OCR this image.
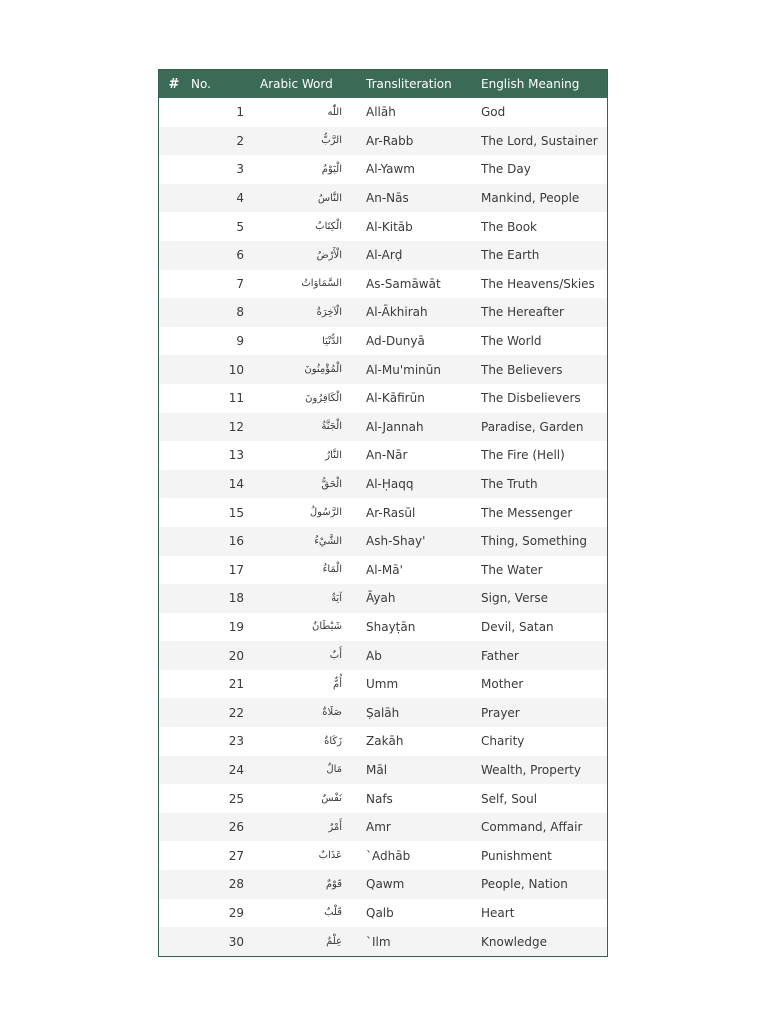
# No.	Arabic Word	Transliteration	English Meaning
1	اللّٰه	Allāh	God
2	الرَّبُّ	Ar-Rabb	The Lord, Sustainer
3	الْيَوْمُ	Al-Yawm	The Day
4	النَّاسُ	An-Nās	Mankind, People
5	الْكِتَابُ	Al-Kitāb	The Book
6	الْأَرْضُ	Al-Arḍ	The Earth
7	السَّمَاوَاتُ	As-Samāwāt	The Heavens/Skies
8	الْآخِرَةُ	Al-Ākhirah	The Hereafter
9	الدُّنْيَا	Ad-Dunyā	The World
10	الْمُؤْمِنُونَ	Al-Mu'minūn	The Believers
11	الْكَافِرُونَ	Al-Kāfirūn	The Disbelievers
12	الْجَنَّةُ	Al-Jannah	Paradise, Garden
13	النَّارُ	An-Nār	The Fire (Hell)
14	الْحَقُّ	Al-Ḥaqq	The Truth
15	الرَّسُولُ	Ar-Rasūl	The Messenger
16	الشَّيْءُ	Ash-Shay'	Thing, Something
17	الْمَاءُ	Al-Mā'	The Water
18	آيَةٌ	Āyah	Sign, Verse
19	شَيْطَانٌ	Shayṭān	Devil, Satan
20	أَبٌ	Ab	Father
21	أُمٌّ	Umm	Mother
22	صَلَاةٌ	Ṣalāh	Prayer
23	زَكَاةٌ	Zakāh	Charity
24	مَالٌ	Māl	Wealth, Property
25	نَفْسٌ	Nafs	Self, Soul
26	أَمْرٌ	Amr	Command, Affair
27	عَذَابٌ	`Adhāb	Punishment
28	قَوْمٌ	Qawm	People, Nation
29	قَلْبٌ	Qalb	Heart
30	عِلْمٌ	`Ilm	Knowledge
